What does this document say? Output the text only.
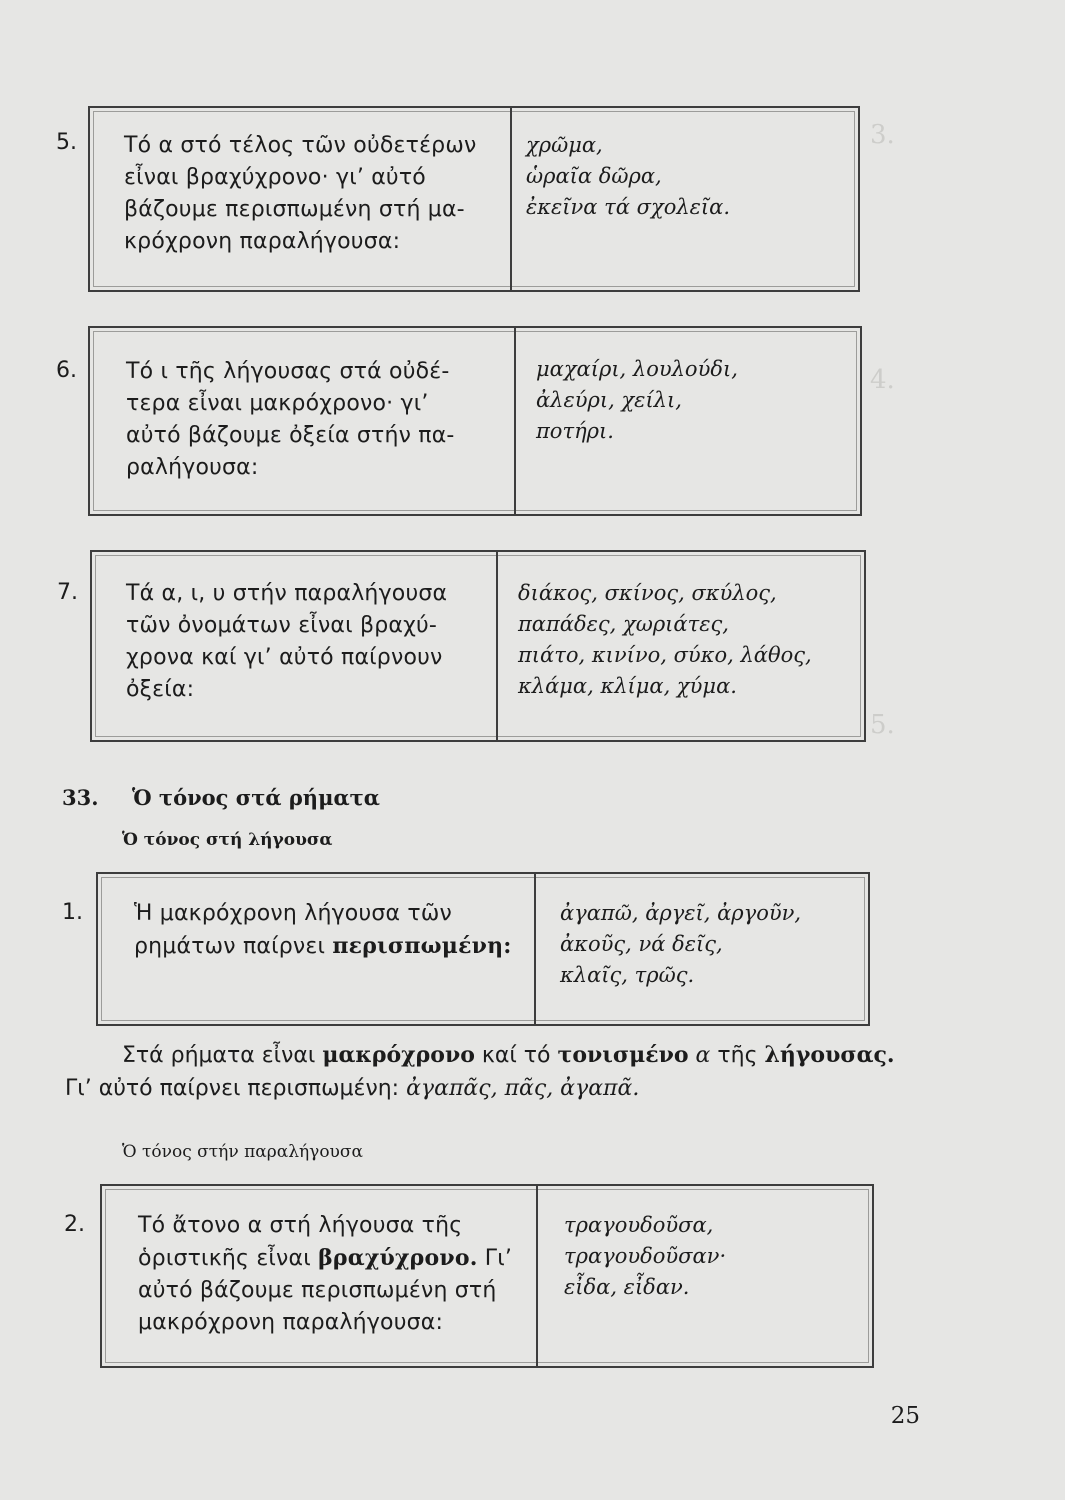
3.
4.
5.
5. Τό α στό τέλος τῶν οὐδετέρων
εἶναι βραχύχρονο· γι’ αὐτό
βάζουμε περισπωμένη στή μα-
κρόχρονη παραλήγουσα:
χρῶμα,
ὡραῖα δῶρα,
ἐκεῖνα τά σχολεῖα.
6. Τό ι τῆς λήγουσας στά οὐδέ-
τερα εἶναι μακρόχρονο· γι’
αὐτό βάζουμε ὀξεία στήν πα-
ραλήγουσα:
μαχαίρι, λουλούδι,
ἀλεύρι, χείλι,
ποτήρι.
7. Τά α, ι, υ στήν παραλήγουσα
τῶν ὀνομάτων εἶναι βραχύ-
χρονα καί γι’ αὐτό παίρνουν
ὀξεία:
διάκος, σκίνος, σκύλος,
παπάδες, χωριάτες,
πιάτο, κινίνο, σύκο, λάθος,
κλάμα, κλίμα, χύμα.
33. Ὁ τόνος στά ρήματα
Ὁ τόνος στή λήγουσα
1. Ἡ μακρόχρονη λήγουσα τῶν
ρημάτων παίρνει περισπωμένη:
ἀγαπῶ, ἀργεῖ, ἀργοῦν,
ἀκοῦς, νά δεῖς,
κλαῖς, τρῶς.
Στά ρήματα εἶναι μακρόχρονο καί τό τονισμένο α τῆς λήγουσας.
Γι’ αὐτό παίρνει περισπωμένη: ἀγαπᾶς, πᾶς, ἀγαπᾶ.
Ὁ τόνος στήν παραλήγουσα
2. Τό ἄτονο α στή λήγουσα τῆς
ὁριστικῆς εἶναι βραχύχρονο. Γι’
αὐτό βάζουμε περισπωμένη στή
μακρόχρονη παραλήγουσα:
τραγουδοῦσα,
τραγουδοῦσαν·
εἶδα, εἶδαν.
25
